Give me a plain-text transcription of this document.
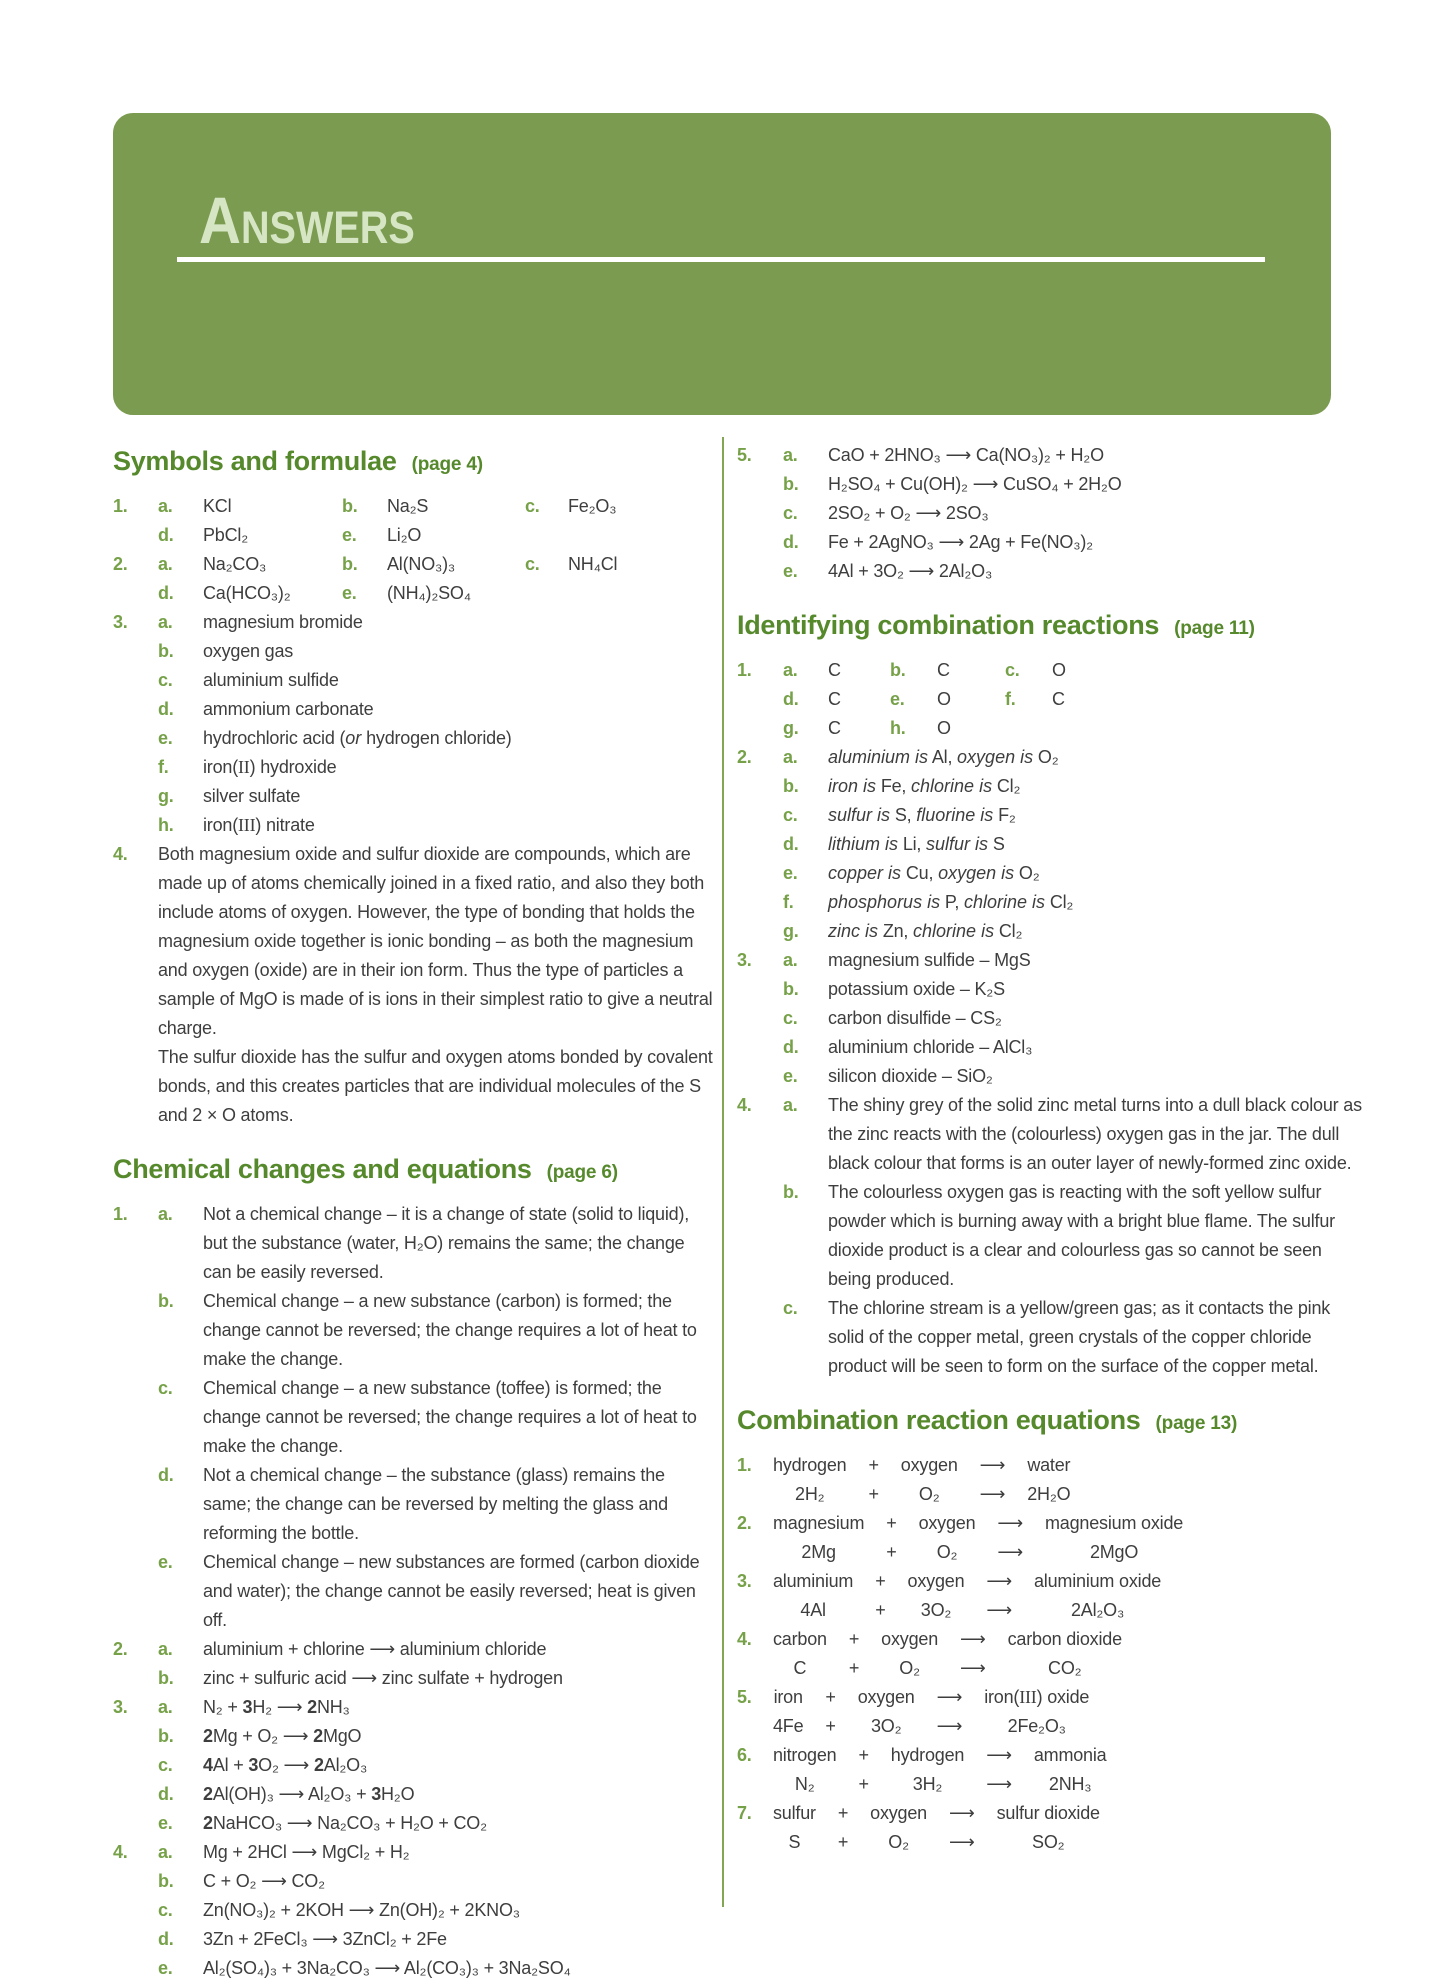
ANSWERS
Symbols and formulae (page 4)
1.	a.	KCl	b.	Na₂S	c.	Fe₂O₃
d.	PbCl₂	e.	Li₂O
2.	a.	Na₂CO₃	b.	Al(NO₃)₃	c.	NH₄Cl
d.	Ca(HCO₃)₂	e.	(NH₄)₂SO₄
3.	a.	magnesium bromide
b.	oxygen gas
c.	aluminium sulfide
d.	ammonium carbonate
e.	hydrochloric acid (or hydrogen chloride)
f.	iron(II) hydroxide
g.	silver sulfate
h.	iron(III) nitrate
4.	Both magnesium oxide and sulfur dioxide are compounds, which are made up of atoms chemically joined in a fixed ratio, and also they both include atoms of oxygen. However, the type of bonding that holds the magnesium oxide together is ionic bonding – as both the magnesium and oxygen (oxide) are in their ion form. Thus the type of particles a sample of MgO is made of is ions in their simplest ratio to give a neutral charge.

The sulfur dioxide has the sulfur and oxygen atoms bonded by covalent bonds, and this creates particles that are individual molecules of the S and 2 × O atoms.

Chemical changes and equations (page 6)
1.	a.	Not a chemical change – it is a change of state (solid to liquid), but the substance (water, H₂O) remains the same; the change can be easily reversed.
b.	Chemical change – a new substance (carbon) is formed; the change cannot be reversed; the change requires a lot of heat to make the change.
c.	Chemical change – a new substance (toffee) is formed; the change cannot be reversed; the change requires a lot of heat to make the change.
d.	Not a chemical change – the substance (glass) remains the same; the change can be reversed by melting the glass and reforming the bottle.
e.	Chemical change – new substances are formed (carbon dioxide and water); the change cannot be easily reversed; heat is given off.
2.	a.	aluminium + chlorine ⟶ aluminium chloride
b.	zinc + sulfuric acid ⟶ zinc sulfate + hydrogen
3.	a.	N₂ + 3H₂ ⟶ 2NH₃
b.	2Mg + O₂ ⟶ 2MgO
c.	4Al + 3O₂ ⟶ 2Al₂O₃
d.	2Al(OH)₃ ⟶ Al₂O₃ + 3H₂O
e.	2NaHCO₃ ⟶ Na₂CO₃ + H₂O + CO₂
4.	a.	Mg + 2HCl ⟶ MgCl₂ + H₂
b.	C + O₂ ⟶ CO₂
c.	Zn(NO₃)₂ + 2KOH ⟶ Zn(OH)₂ + 2KNO₃
d.	3Zn + 2FeCl₃ ⟶ 3ZnCl₂ + 2Fe
e.	Al₂(SO₄)₃ + 3Na₂CO₃ ⟶ Al₂(CO₃)₃ + 3Na₂SO₄
5.	a.	CaO + 2HNO₃ ⟶ Ca(NO₃)₂ + H₂O
b.	H₂SO₄ + Cu(OH)₂ ⟶ CuSO₄ + 2H₂O
c.	2SO₂ + O₂ ⟶ 2SO₃
d.	Fe + 2AgNO₃ ⟶ 2Ag + Fe(NO₃)₂
e.	4Al + 3O₂ ⟶ 2Al₂O₃
Identifying combination reactions (page 11)
1.	a.	C	b.	C	c.	O
d.	C	e.	O	f.	C
g.	C	h.	O
2.	a.	aluminium is Al, oxygen is O₂
b.	iron is Fe, chlorine is Cl₂
c.	sulfur is S, fluorine is F₂
d.	lithium is Li, sulfur is S
e.	copper is Cu, oxygen is O₂
f.	phosphorus is P, chlorine is Cl₂
g.	zinc is Zn, chlorine is Cl₂
3.	a.	magnesium sulfide – MgS
b.	potassium oxide – K₂S
c.	carbon disulfide – CS₂
d.	aluminium chloride – AlCl₃
e.	silicon dioxide – SiO₂
4.	a.	The shiny grey of the solid zinc metal turns into a dull black colour as the zinc reacts with the (colourless) oxygen gas in the jar. The dull black colour that forms is an outer layer of newly-formed zinc oxide.
b.	The colourless oxygen gas is reacting with the soft yellow sulfur powder which is burning away with a bright blue flame. The sulfur dioxide product is a clear and colourless gas so cannot be seen being produced.
c.	The chlorine stream is a yellow/green gas; as it contacts the pink solid of the copper metal, green crystals of the copper chloride product will be seen to form on the surface of the copper metal.
Combination reaction equations (page 13)
1.	hydrogen + oxygen ⟶ water
2H₂	+	O₂	⟶ 2H₂O
2.	magnesium + oxygen ⟶ magnesium oxide
2Mg	+	O₂	⟶	2MgO
3.	aluminium + oxygen ⟶ aluminium oxide
4Al	+	3O₂	⟶	2Al₂O₃
4.	carbon + oxygen ⟶ carbon dioxide
C	+	O₂	⟶	CO₂
5.	iron + oxygen ⟶ iron(III) oxide
4Fe +	3O₂	⟶	2Fe₂O₃
6.	nitrogen + hydrogen ⟶ ammonia
N₂	+	3H₂	⟶	2NH₃
7.	sulfur + oxygen ⟶ sulfur dioxide
S	+	O₂	⟶	SO₂
